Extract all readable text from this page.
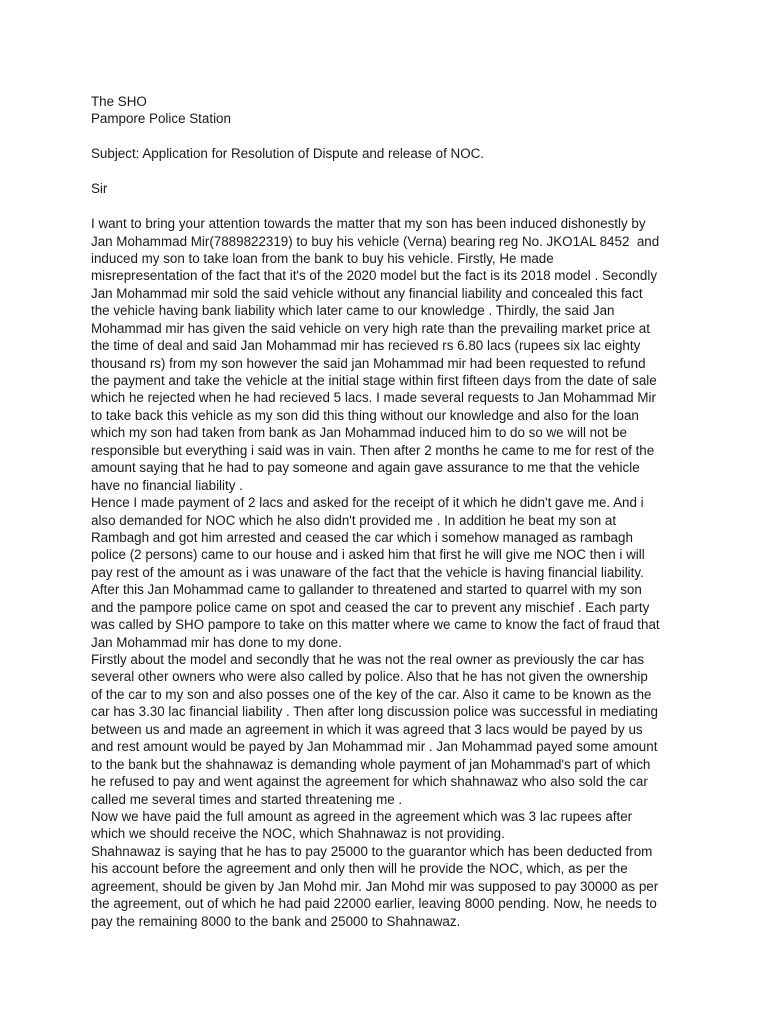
The SHO
Pampore Police Station
Subject: Application for Resolution of Dispute and release of NOC.
Sir
I want to bring your attention towards the matter that my son has been induced dishonestly by
Jan Mohammad Mir(7889822319) to buy his vehicle (Verna) bearing reg No. JKO1AL 8452  and
induced my son to take loan from the bank to buy his vehicle. Firstly, He made
misrepresentation of the fact that it's of the 2020 model but the fact is its 2018 model . Secondly
Jan Mohammad mir sold the said vehicle without any financial liability and concealed this fact
the vehicle having bank liability which later came to our knowledge . Thirdly, the said Jan
Mohammad mir has given the said vehicle on very high rate than the prevailing market price at
the time of deal and said Jan Mohammad mir has recieved rs 6.80 lacs (rupees six lac eighty
thousand rs) from my son however the said jan Mohammad mir had been requested to refund
the payment and take the vehicle at the initial stage within first fifteen days from the date of sale
which he rejected when he had recieved 5 lacs. I made several requests to Jan Mohammad Mir
to take back this vehicle as my son did this thing without our knowledge and also for the loan
which my son had taken from bank as Jan Mohammad induced him to do so we will not be
responsible but everything i said was in vain. Then after 2 months he came to me for rest of the
amount saying that he had to pay someone and again gave assurance to me that the vehicle
have no financial liability .
Hence I made payment of 2 lacs and asked for the receipt of it which he didn't gave me. And i
also demanded for NOC which he also didn't provided me . In addition he beat my son at
Rambagh and got him arrested and ceased the car which i somehow managed as rambagh
police (2 persons) came to our house and i asked him that first he will give me NOC then i will
pay rest of the amount as i was unaware of the fact that the vehicle is having financial liability.
After this Jan Mohammad came to gallander to threatened and started to quarrel with my son
and the pampore police came on spot and ceased the car to prevent any mischief . Each party
was called by SHO pampore to take on this matter where we came to know the fact of fraud that
Jan Mohammad mir has done to my done.
Firstly about the model and secondly that he was not the real owner as previously the car has
several other owners who were also called by police. Also that he has not given the ownership
of the car to my son and also posses one of the key of the car. Also it came to be known as the
car has 3.30 lac financial liability . Then after long discussion police was successful in mediating
between us and made an agreement in which it was agreed that 3 lacs would be payed by us
and rest amount would be payed by Jan Mohammad mir . Jan Mohammad payed some amount
to the bank but the shahnawaz is demanding whole payment of jan Mohammad's part of which
he refused to pay and went against the agreement for which shahnawaz who also sold the car
called me several times and started threatening me .
Now we have paid the full amount as agreed in the agreement which was 3 lac rupees after
which we should receive the NOC, which Shahnawaz is not providing.
Shahnawaz is saying that he has to pay 25000 to the guarantor which has been deducted from
his account before the agreement and only then will he provide the NOC, which, as per the
agreement, should be given by Jan Mohd mir. Jan Mohd mir was supposed to pay 30000 as per
the agreement, out of which he had paid 22000 earlier, leaving 8000 pending. Now, he needs to
pay the remaining 8000 to the bank and 25000 to Shahnawaz.
